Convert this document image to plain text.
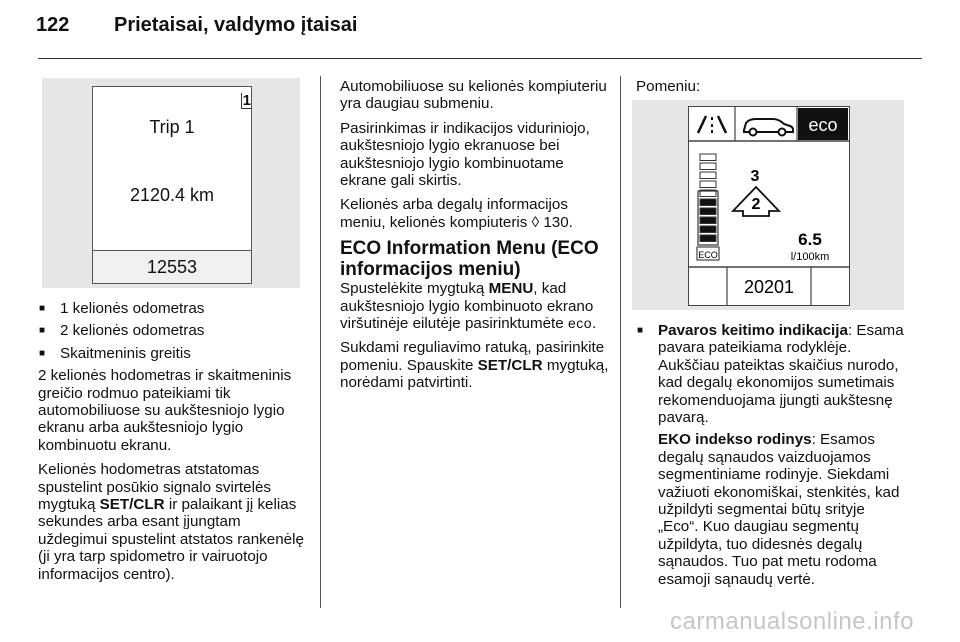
122 Prietaisai, valdymo įtaisai
Trip 1
2120.4 km
12553
1
■ 1 kelionės odometras
■ 2 kelionės odometras
■ Skaitmeninis greitis

2 kelionės hodometras ir skaitmeninis greičio rodmuo pateikiami tik automobiliuose su aukštesniojo lygio ekranu arba aukštesniojo lygio kombinuotu ekranu.

Kelionės hodometras atstatomas spustelint posūkio signalo svirtelės mygtuką SET/CLR ir palaikant jį kelias sekundes arba esant įjungtam uždegimui spustelint atstatos rankenėlę (ji yra tarp spidometro ir vairuotojo informacijos centro).

Automobiliuose su kelionės kompiuteriu yra daugiau submeniu.

Pasirinkimas ir indikacijos viduriniojo, aukštesniojo lygio ekranuose bei aukštesniojo lygio kombinuotame ekrane gali skirtis.

Kelionės arba degalų informacijos meniu, kelionės kompiuteris ◊ 130.

ECO Information Menu (ECO informacijos meniu)

Spustelėkite mygtuką MENU, kad aukštesniojo lygio kombinuoto ekrano viršutinėje eilutėje pasirinktumėte eco.

Sukdami reguliavimo ratuką, pasirinkite pomeniu. Spauskite SET/CLR mygtuką, norėdami patvirtinti.

Pomeniu:

eco
ECO
3
2
6.5
l/100km
20201
■ Pavaros keitimo indikacija: Esama pavara pateikiama rodyklėje. Aukščiau pateiktas skaičius nurodo, kad degalų ekonomijos sumetimais rekomenduojama įjungti aukštesnę pavarą.

EKO indekso rodinys: Esamos degalų sąnaudos vaizduojamos segmentiniame rodinyje. Siekdami važiuoti ekonomiškai, stenkitės, kad užpildyti segmentai būtų srityje „Eco“. Kuo daugiau segmentų užpildyta, tuo didesnės degalų sąnaudos. Tuo pat metu rodoma esamoji sąnaudų vertė.

carmanualsonline.info
